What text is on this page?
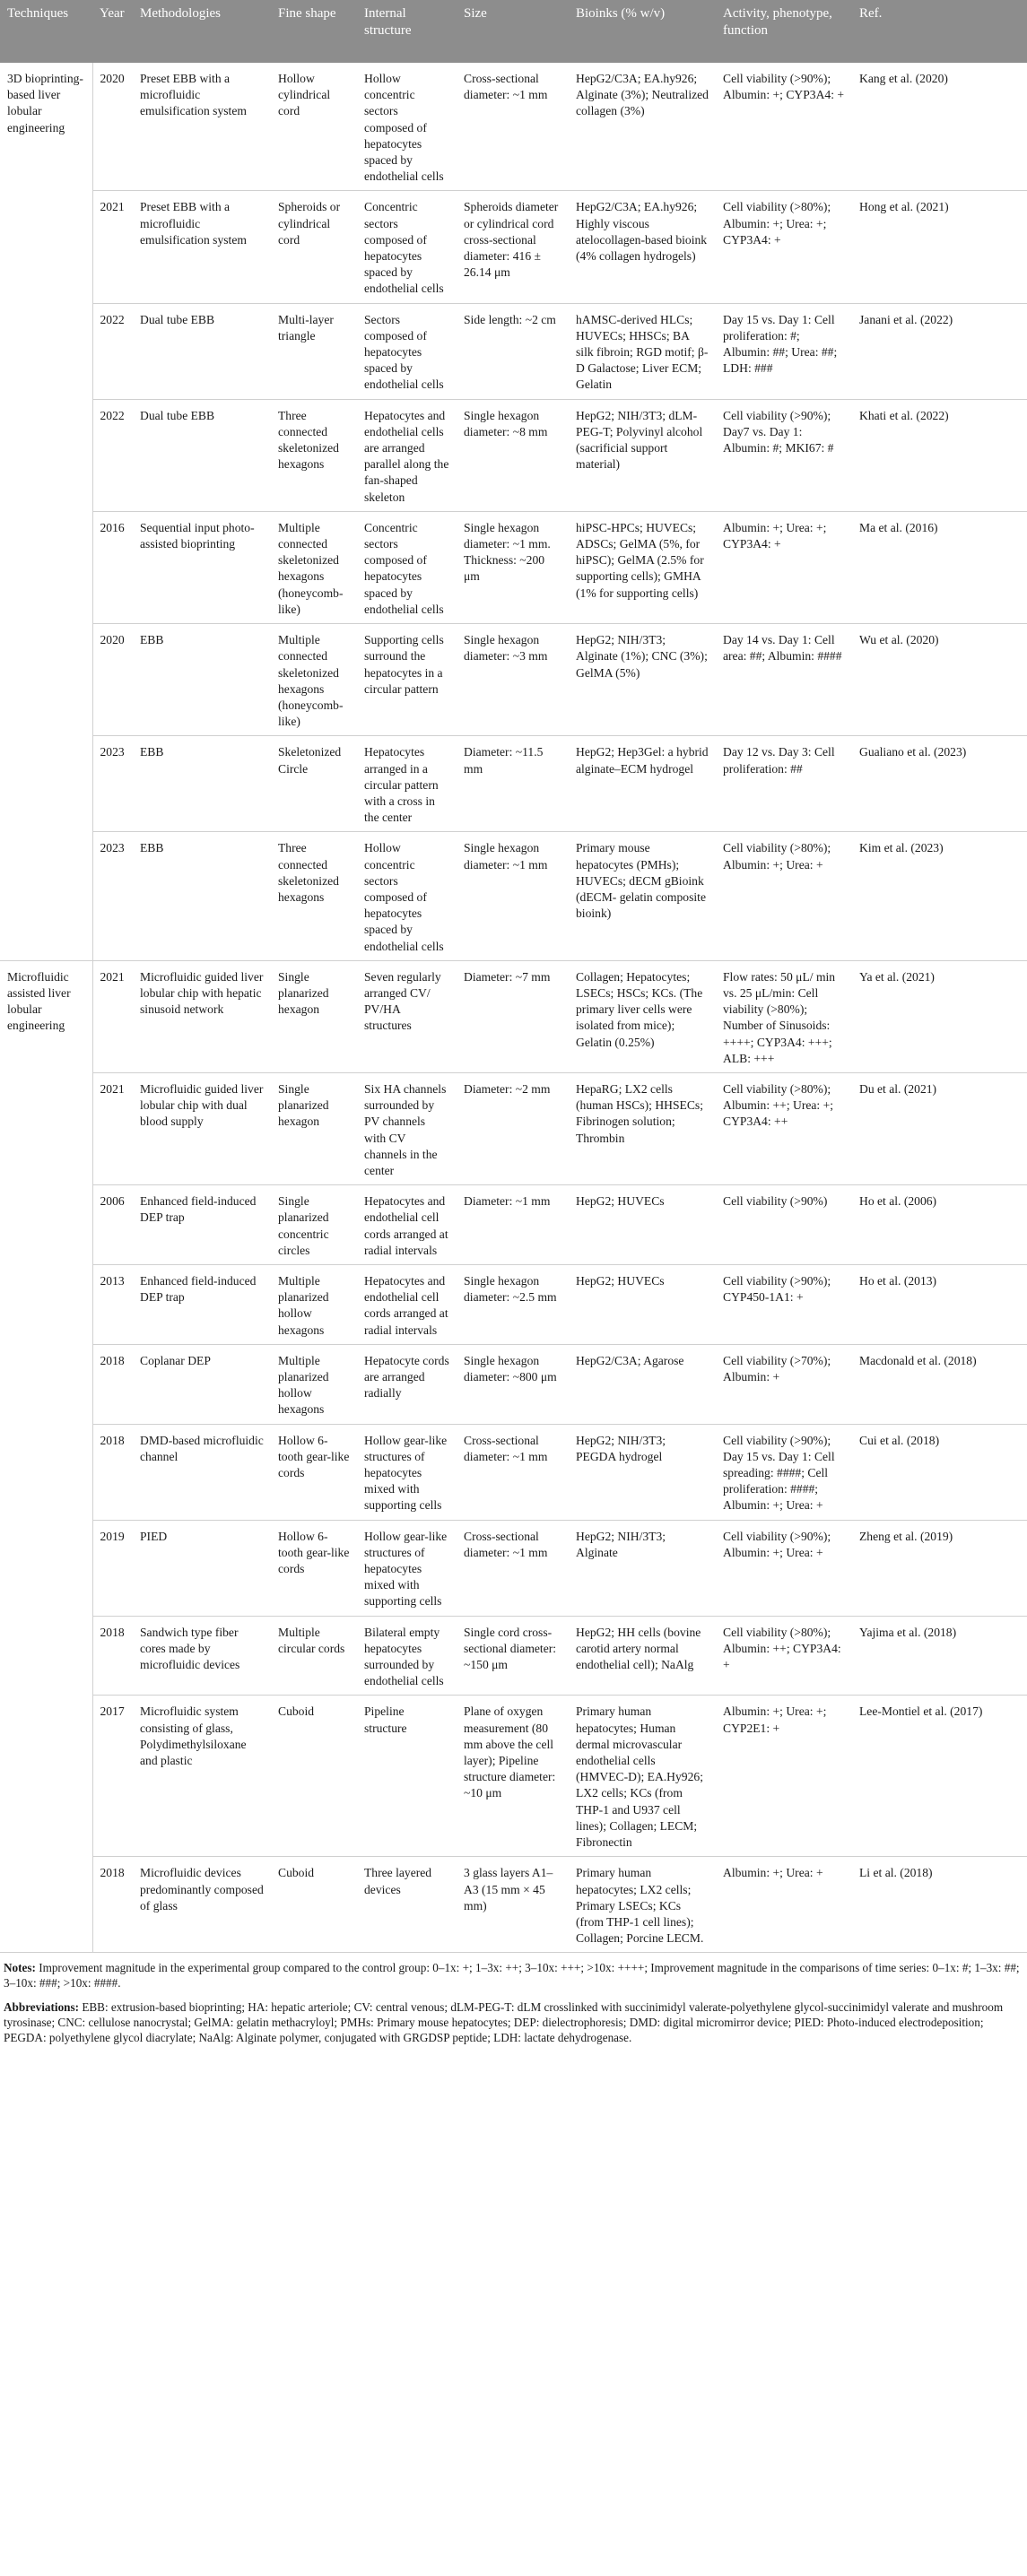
Techniques	Year	Methodologies	Fine shape	Internal structure	Size	Bioinks (% w/v)	Activity, phenotype, function	Ref.
3D bioprinting-based liver lobular engineering	2020	Preset EBB with a microfluidic emulsification system	Hollow cylindrical cord	Hollow concentric sectors composed of hepatocytes spaced by endothelial cells	Cross-sectional diameter: ~1 mm	HepG2/C3A; EA.hy926; Alginate (3%); Neutralized collagen (3%)	Cell viability (>90%); Albumin: +; CYP3A4: +	Kang et al. (2020)
	2021	Preset EBB with a microfluidic emulsification system	Spheroids or cylindrical cord	Concentric sectors composed of hepatocytes spaced by endothelial cells	Spheroids diameter or cylindrical cord cross-sectional diameter: 416 ± 26.14 μm	HepG2/C3A; EA.hy926; Highly viscous atelocollagen-based bioink (4% collagen hydrogels)	Cell viability (>80%); Albumin: +; Urea: +; CYP3A4: +	Hong et al. (2021)
	2022	Dual tube EBB	Multi-layer triangle	Sectors composed of hepatocytes spaced by endothelial cells	Side length: ~2 cm	hAMSC-derived HLCs; HUVECs; HHSCs; BA silk fibroin; RGD motif; β-D Galactose; Liver ECM; Gelatin	Day 15 vs. Day 1: Cell proliferation: #; Albumin: ##; Urea: ##; LDH: ###	Janani et al. (2022)
	2022	Dual tube EBB	Three connected skeletonized hexagons	Hepatocytes and endothelial cells are arranged parallel along the fan-shaped skeleton	Single hexagon diameter: ~8 mm	HepG2; NIH/3T3; dLM-PEG-T; Polyvinyl alcohol (sacrificial support material)	Cell viability (>90%); Day7 vs. Day 1: Albumin: #; MKI67: #	Khati et al. (2022)
	2016	Sequential input photo-assisted bioprinting	Multiple connected skeletonized hexagons (honeycomb-like)	Concentric sectors composed of hepatocytes spaced by endothelial cells	Single hexagon diameter: ~1 mm. Thickness: ~200 μm	hiPSC-HPCs; HUVECs; ADSCs; GelMA (5%, for hiPSC); GelMA (2.5% for supporting cells); GMHA (1% for supporting cells)	Albumin: +; Urea: +; CYP3A4: +	Ma et al. (2016)
	2020	EBB	Multiple connected skeletonized hexagons (honeycomb-like)	Supporting cells surround the hepatocytes in a circular pattern	Single hexagon diameter: ~3 mm	HepG2; NIH/3T3; Alginate (1%); CNC (3%); GelMA (5%)	Day 14 vs. Day 1: Cell area: ##; Albumin: ####	Wu et al. (2020)
	2023	EBB	Skeletonized Circle	Hepatocytes arranged in a circular pattern with a cross in the center	Diameter: ~11.5 mm	HepG2; Hep3Gel: a hybrid alginate–ECM hydrogel	Day 12 vs. Day 3: Cell proliferation: ##	Gualiano et al. (2023)
	2023	EBB	Three connected skeletonized hexagons	Hollow concentric sectors composed of hepatocytes spaced by endothelial cells	Single hexagon diameter: ~1 mm	Primary mouse hepatocytes (PMHs); HUVECs; dECM gBioink (dECM- gelatin composite bioink)	Cell viability (>80%); Albumin: +; Urea: +	Kim et al. (2023)
Microfluidic assisted liver lobular engineering	2021	Microfluidic guided liver lobular chip with hepatic sinusoid network	Single planarized hexagon	Seven regularly arranged CV/ PV/HA structures	Diameter: ~7 mm	Collagen; Hepatocytes; LSECs; HSCs; KCs. (The primary liver cells were isolated from mice); Gelatin (0.25%)	Flow rates: 50 μL/ min vs. 25 μL/min: Cell viability (>80%); Number of Sinusoids: ++++; CYP3A4: +++; ALB: +++	Ya et al. (2021)
	2021	Microfluidic guided liver lobular chip with dual blood supply	Single planarized hexagon	Six HA channels surrounded by PV channels with CV channels in the center	Diameter: ~2 mm	HepaRG; LX2 cells (human HSCs); HHSECs; Fibrinogen solution; Thrombin	Cell viability (>80%); Albumin: ++; Urea: +; CYP3A4: ++	Du et al. (2021)
	2006	Enhanced field-induced DEP trap	Single planarized concentric circles	Hepatocytes and endothelial cell cords arranged at radial intervals	Diameter: ~1 mm	HepG2; HUVECs	Cell viability (>90%)	Ho et al. (2006)
	2013	Enhanced field-induced DEP trap	Multiple planarized hollow hexagons	Hepatocytes and endothelial cell cords arranged at radial intervals	Single hexagon diameter: ~2.5 mm	HepG2; HUVECs	Cell viability (>90%); CYP450-1A1: +	Ho et al. (2013)
	2018	Coplanar DEP	Multiple planarized hollow hexagons	Hepatocyte cords are arranged radially	Single hexagon diameter: ~800 μm	HepG2/C3A; Agarose	Cell viability (>70%); Albumin: +	Macdonald et al. (2018)
	2018	DMD-based microfluidic channel	Hollow 6-tooth gear-like cords	Hollow gear-like structures of hepatocytes mixed with supporting cells	Cross-sectional diameter: ~1 mm	HepG2; NIH/3T3; PEGDA hydrogel	Cell viability (>90%); Day 15 vs. Day 1: Cell spreading: ####; Cell proliferation: ####; Albumin: +; Urea: +	Cui et al. (2018)
	2019	PIED	Hollow 6-tooth gear-like cords	Hollow gear-like structures of hepatocytes mixed with supporting cells	Cross-sectional diameter: ~1 mm	HepG2; NIH/3T3; Alginate	Cell viability (>90%); Albumin: +; Urea: +	Zheng et al. (2019)
	2018	Sandwich type fiber cores made by microfluidic devices	Multiple circular cords	Bilateral empty hepatocytes surrounded by endothelial cells	Single cord cross-sectional diameter: ~150 μm	HepG2; HH cells (bovine carotid artery normal endothelial cell); NaAlg	Cell viability (>80%); Albumin: ++; CYP3A4: +	Yajima et al. (2018)
	2017	Microfluidic system consisting of glass, Polydimethylsiloxane and plastic	Cuboid	Pipeline structure	Plane of oxygen measurement (80 mm above the cell layer); Pipeline structure diameter: ~10 μm	Primary human hepatocytes; Human dermal microvascular endothelial cells (HMVEC-D); EA.Hy926; LX2 cells; KCs (from THP-1 and U937 cell lines); Collagen; LECM; Fibronectin	Albumin: +; Urea: +; CYP2E1: +	Lee-Montiel et al. (2017)
	2018	Microfluidic devices predominantly composed of glass	Cuboid	Three layered devices	3 glass layers A1–A3 (15 mm × 45 mm)	Primary human hepatocytes; LX2 cells; Primary LSECs; KCs (from THP-1 cell lines); Collagen; Porcine LECM.	Albumin: +; Urea: +	Li et al. (2018)

Notes: Improvement magnitude in the experimental group compared to the control group: 0–1x: +; 1–3x: ++; 3–10x: +++; >10x: ++++; Improvement magnitude in the comparisons of time series: 0–1x: #; 1–3x: ##; 3–10x: ###; >10x: ####.

Abbreviations: EBB: extrusion-based bioprinting; HA: hepatic arteriole; CV: central venous; dLM-PEG-T: dLM crosslinked with succinimidyl valerate-polyethylene glycol-succinimidyl valerate and mushroom tyrosinase; CNC: cellulose nanocrystal; GelMA: gelatin methacryloyl; PMHs: Primary mouse hepatocytes; DEP: dielectrophoresis; DMD: digital micromirror device; PIED: Photo-induced electrodeposition; PEGDA: polyethylene glycol diacrylate; NaAlg: Alginate polymer, conjugated with GRGDSP peptide; LDH: lactate dehydrogenase.
